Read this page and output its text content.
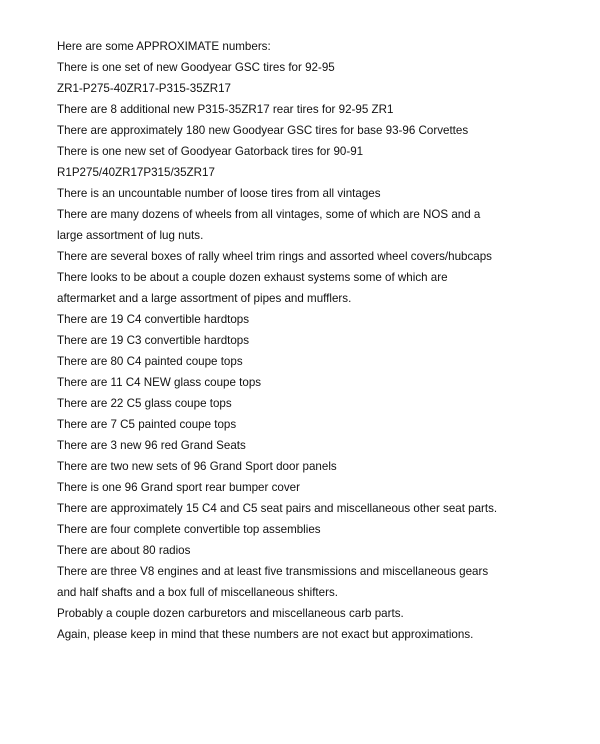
Here are some APPROXIMATE numbers:
There is one set of new Goodyear GSC tires for 92-95
ZR1-P275-40ZR17-P315-35ZR17
There are 8 additional new P315-35ZR17 rear tires for 92-95 ZR1
There are approximately 180 new Goodyear GSC tires for base 93-96 Corvettes
There is one new set of Goodyear Gatorback tires for 90-91
R1P275/40ZR17P315/35ZR17
There is an uncountable number of loose tires from all vintages
There are many dozens of wheels from all vintages, some of which are NOS and a
large assortment of lug nuts.
There are several boxes of rally wheel trim rings and assorted wheel covers/hubcaps
There looks to be about a couple dozen exhaust systems some of which are
aftermarket and a large assortment of pipes and mufflers.
There are 19 C4 convertible hardtops
There are 19 C3 convertible hardtops
There are 80 C4 painted coupe tops
There are 11 C4 NEW glass coupe tops
There are 22 C5 glass coupe tops
There are 7 C5 painted coupe tops
There are 3 new 96 red Grand Seats
There are two new sets of 96 Grand Sport door panels
There is one 96 Grand sport rear bumper cover
There are approximately 15 C4 and C5 seat pairs and miscellaneous other seat parts.
There are four complete convertible top assemblies
There are about 80 radios
There are three V8 engines and at least five transmissions and miscellaneous gears
and half shafts and a box full of miscellaneous shifters.
Probably a couple dozen carburetors and miscellaneous carb parts.
Again, please keep in mind that these numbers are not exact but approximations.
